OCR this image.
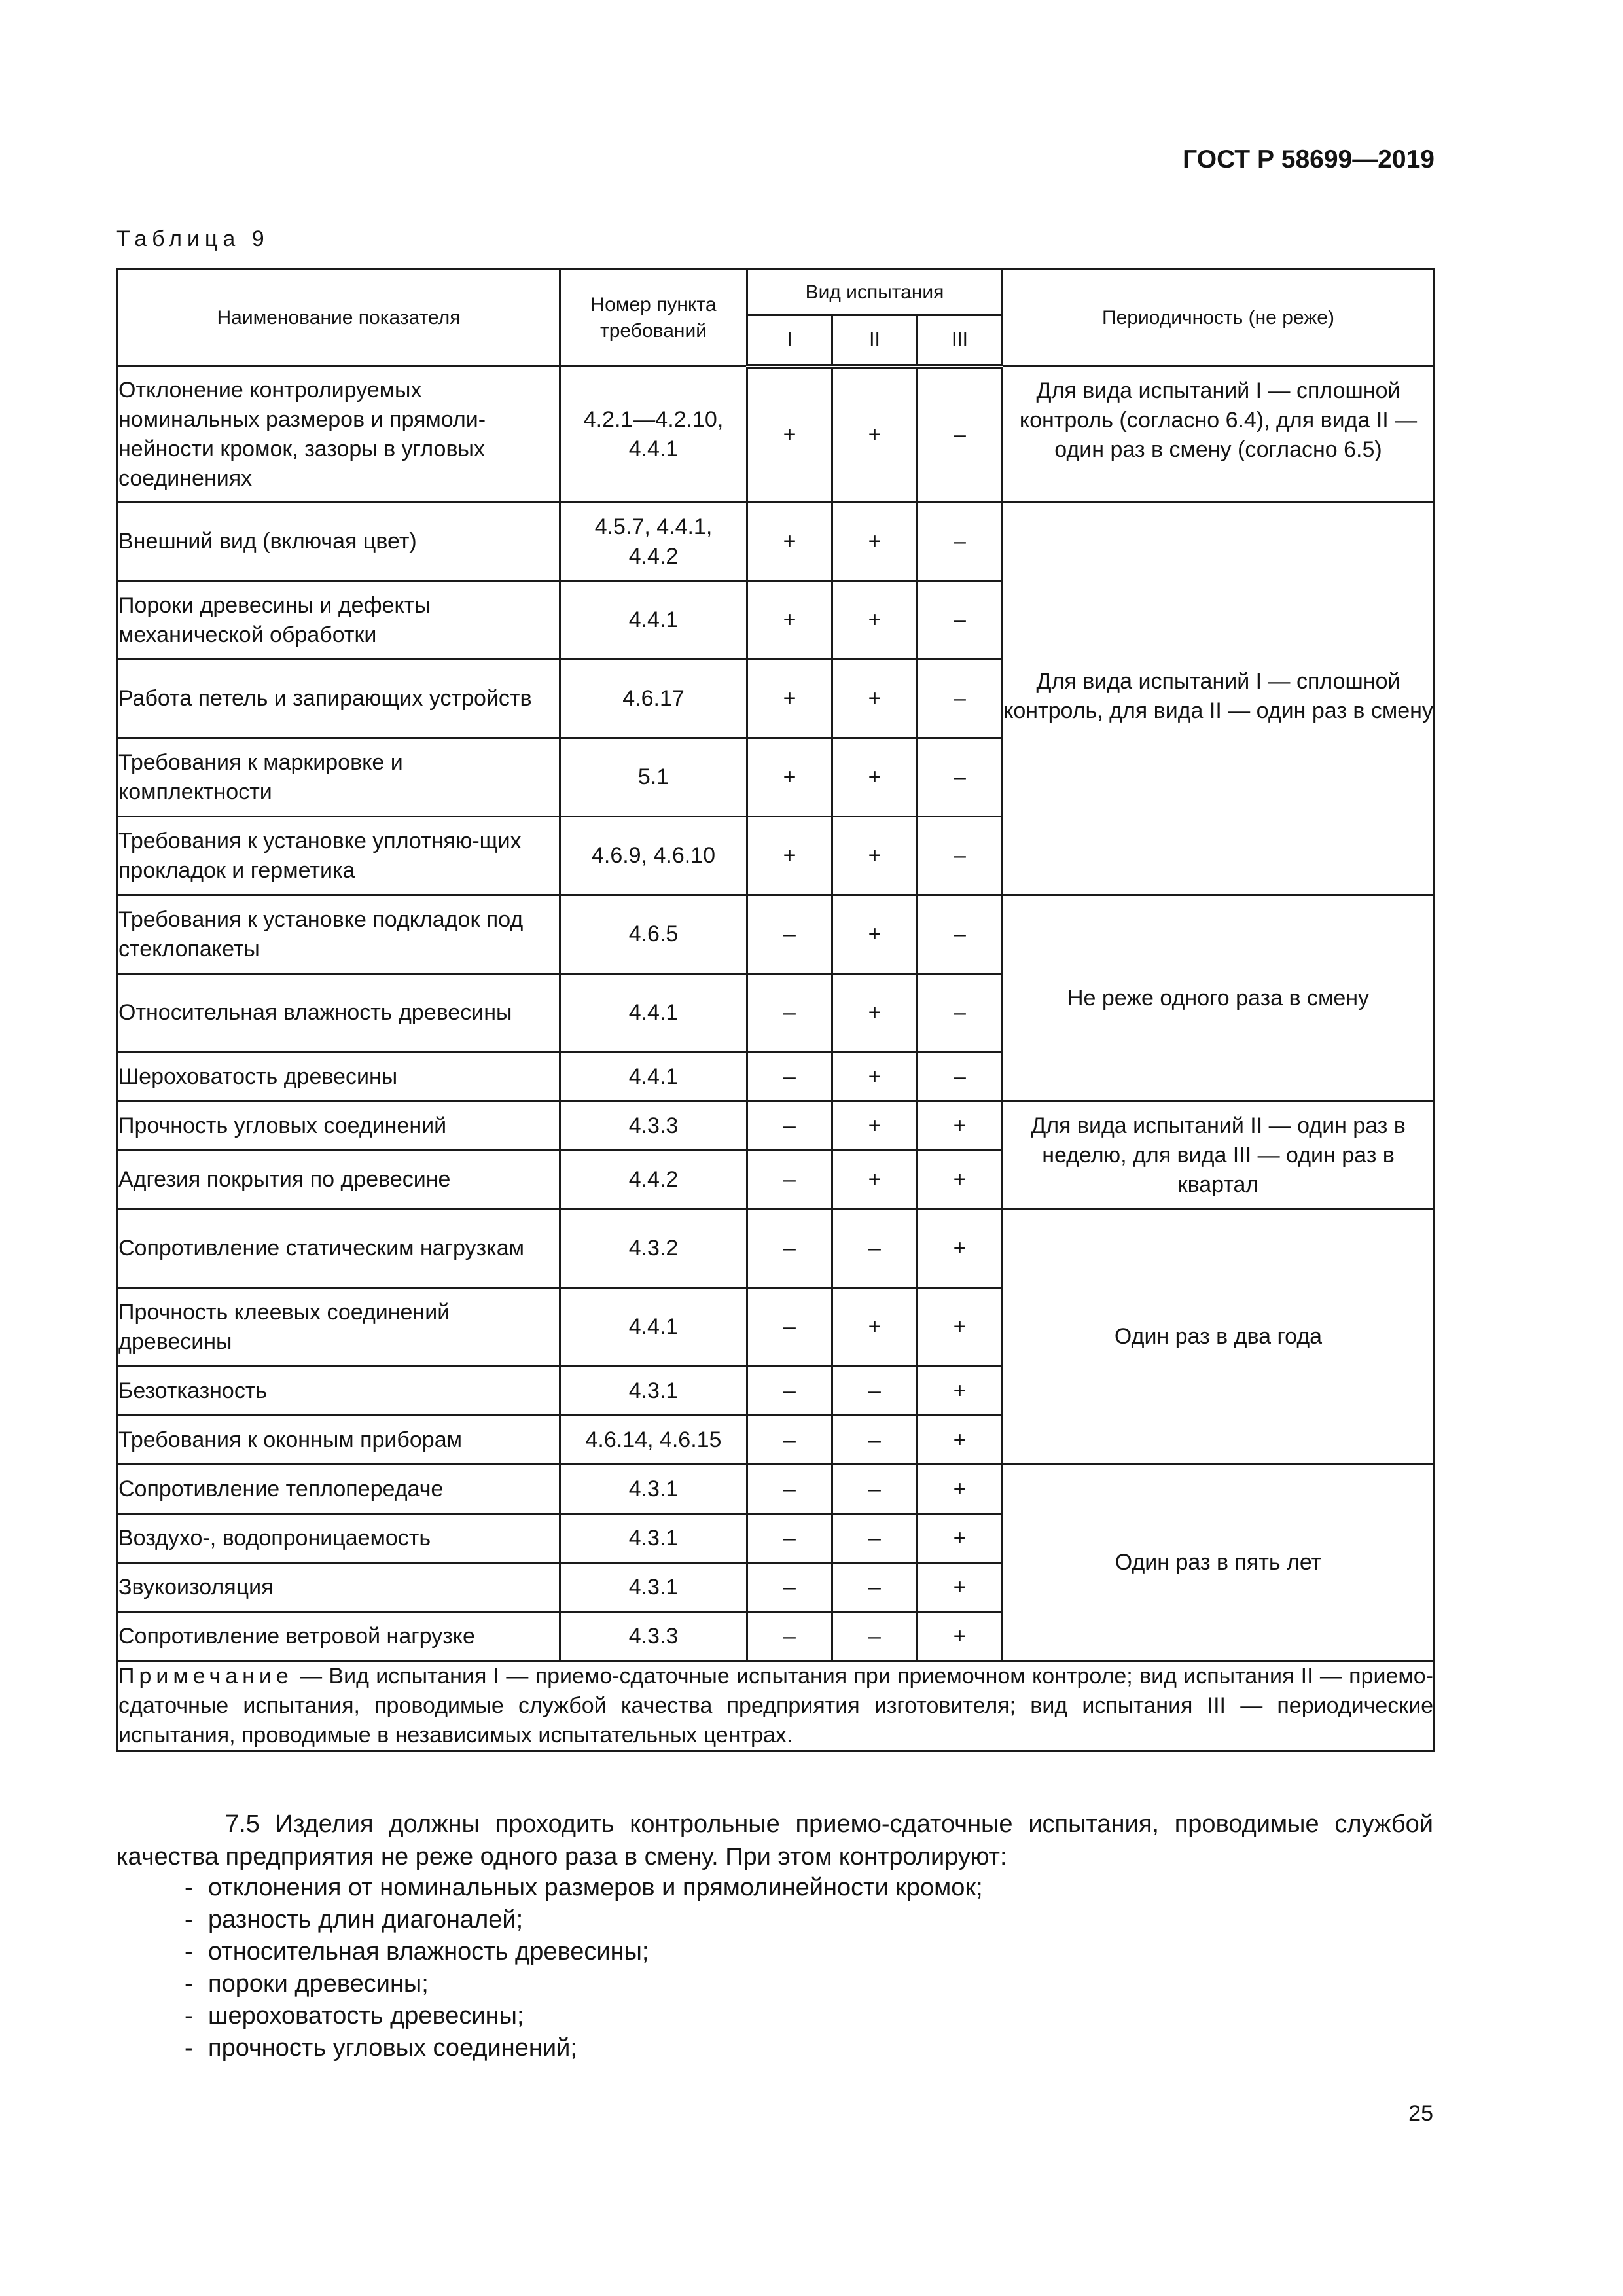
ГОСТ Р 58699—2019
Таблица 9
Наименование показателя	Номер пункта требований	Вид испытания			Периодичность (не реже)
		I	II	III	
Отклонение контролируемых номинальных размеров и прямоли-нейности кромок, зазоры в угловых соединениях	4.2.1—4.2.10, 4.4.1	+	+	–	Для вида испытаний I — сплошной контроль (согласно 6.4), для вида II — один раз в смену (согласно 6.5)
Внешний вид (включая цвет)	4.5.7, 4.4.1, 4.4.2	+	+	–	Для вида испытаний I — сплошной контроль, для вида II — один раз в смену
Пороки древесины и дефекты механической обработки	4.4.1	+	+	–	
Работа петель и запирающих устройств	4.6.17	+	+	–	
Требования к маркировке и комплектности	5.1	+	+	–	
Требования к установке уплотняю-щих прокладок и герметика	4.6.9, 4.6.10	+	+	–	
Требования к установке подкладок под стеклопакеты	4.6.5	–	+	–	Не реже одного раза в смену
Относительная влажность древесины	4.4.1	–	+	–	
Шероховатость древесины	4.4.1	–	+	–	
Прочность угловых соединений	4.3.3	–	+	+	Для вида испытаний II — один раз в неделю, для вида III — один раз в квартал
Адгезия покрытия по древесине	4.4.2	–	+	+	
Сопротивление статическим нагрузкам	4.3.2	–	–	+	Один раз в два года
Прочность клеевых соединений древесины	4.4.1	–	+	+	
Безотказность	4.3.1	–	–	+	
Требования к оконным приборам	4.6.14, 4.6.15	–	–	+	
Сопротивление теплопередаче	4.3.1	–	–	+	Один раз в пять лет
Воздухо-, водопроницаемость	4.3.1	–	–	+	
Звукоизоляция	4.3.1	–	–	+	
Сопротивление ветровой нагрузке	4.3.3	–	–	+	
Примечание — Вид испытания I — приемо-сдаточные испытания при приемочном контроле; вид испытания II — приемо-сдаточные испытания, проводимые службой качества предприятия изготовителя; вид испытания III — периодические испытания, проводимые в независимых испытательных центрах.					
7.5 Изделия должны проходить контрольные приемо-сдаточные испытания, проводимые службой качества предприятия не реже одного раза в смену. При этом контролируют:
- отклонения от номинальных размеров и прямолинейности кромок;
- разность длин диагоналей;
- относительная влажность древесины;
- пороки древесины;
- шероховатость древесины;
- прочность угловых соединений;
25
